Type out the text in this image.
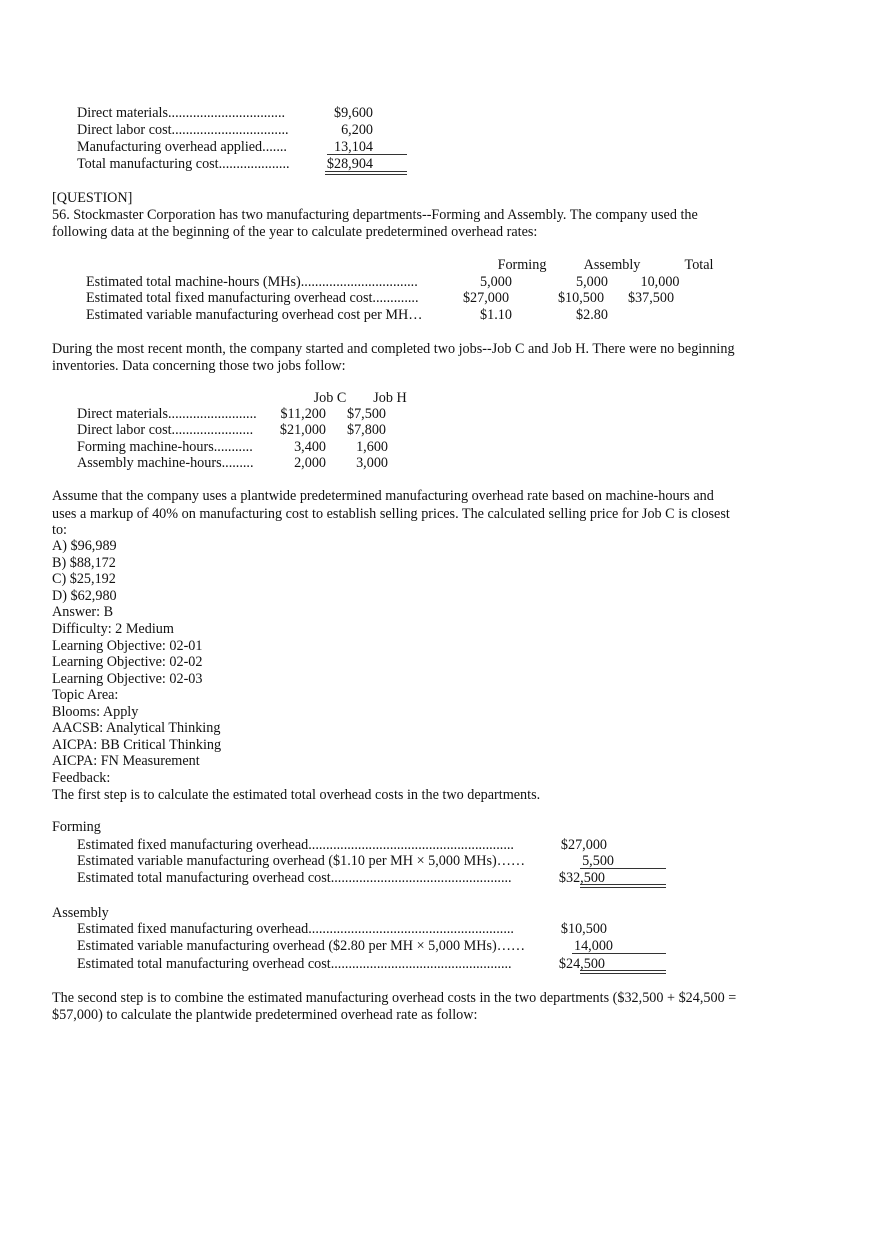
Direct materials.................................	$9,600
Direct labor cost.................................	6,200
Manufacturing overhead applied.......	13,104
Total manufacturing cost....................	$28,904
[QUESTION]
56. Stockmaster Corporation has two manufacturing departments--Forming and Assembly. The company used the following data at the beginning of the year to calculate predetermined overhead rates:
Forming	Assembly	Total
Estimated total machine-hours (MHs).................................	5,000	5,000	10,000
Estimated total fixed manufacturing overhead cost.............	$27,000	$10,500	$37,500
Estimated variable manufacturing overhead cost per MH…	$1.10	$2.80
During the most recent month, the company started and completed two jobs--Job C and Job H. There were no beginning inventories. Data concerning those two jobs follow:
Job C	Job H
Direct materials.........................	$11,200	$7,500
Direct labor cost.......................	$21,000	$7,800
Forming machine-hours...........	3,400	1,600
Assembly machine-hours.........	2,000	3,000
Assume that the company uses a plantwide predetermined manufacturing overhead rate based on machine-hours and
uses a markup of 40% on manufacturing cost to establish selling prices. The calculated selling price for Job C is closest
to:
A) $96,989
B) $88,172
C) $25,192
D) $62,980
Answer: B
Difficulty: 2 Medium
Learning Objective: 02-01
Learning Objective: 02-02
Learning Objective: 02-03
Topic Area:
Blooms: Apply
AACSB: Analytical Thinking
AICPA: BB Critical Thinking
AICPA: FN Measurement
Feedback:
The first step is to calculate the estimated total overhead costs in the two departments.
Forming
Estimated fixed manufacturing overhead..........................................................	$27,000
Estimated variable manufacturing overhead ($1.10 per MH × 5,000 MHs)……	5,500
Estimated total manufacturing overhead cost...................................................	$32,500
Assembly
Estimated fixed manufacturing overhead..........................................................	$10,500
Estimated variable manufacturing overhead ($2.80 per MH × 5,000 MHs)……	14,000
Estimated total manufacturing overhead cost...................................................	$24,500
The second step is to combine the estimated manufacturing overhead costs in the two departments ($32,500 + $24,500 =
$57,000) to calculate the plantwide predetermined overhead rate as follow:
